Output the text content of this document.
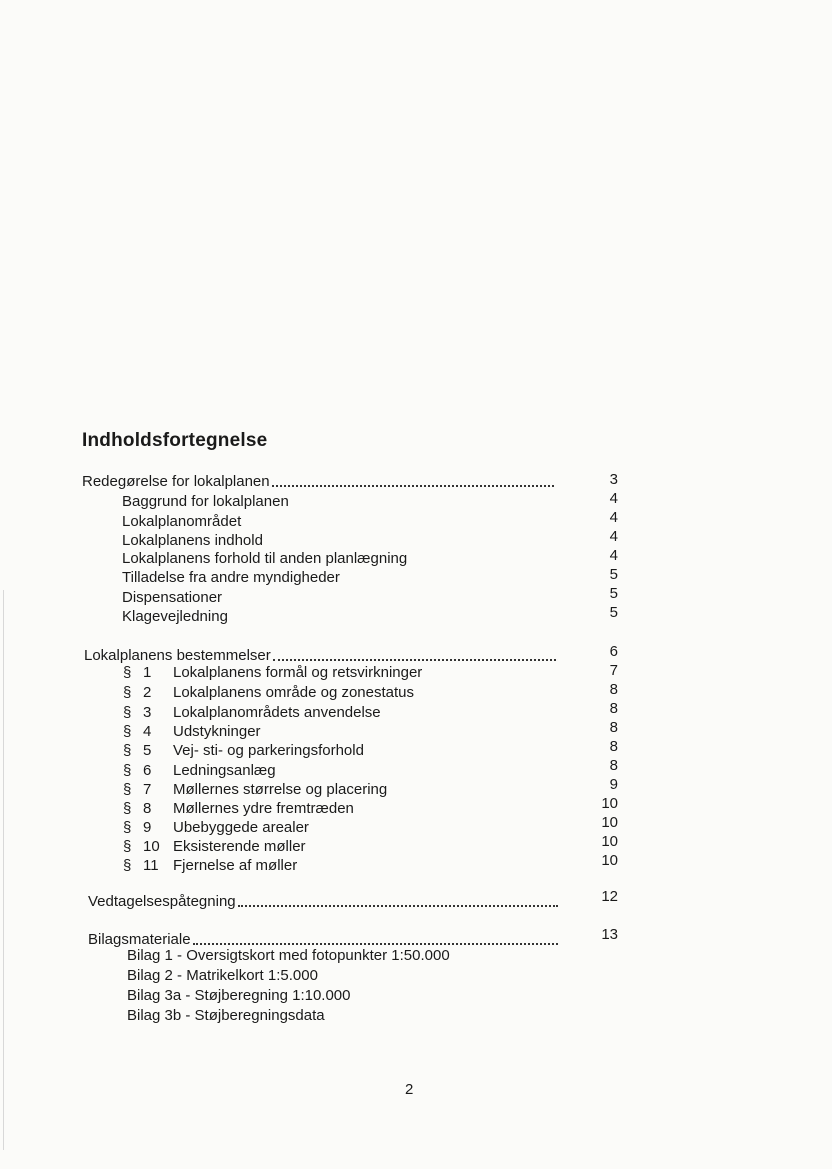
Indholdsfortegnelse
Redegørelse for lokalplanen	3
Baggrund for lokalplanen	4
Lokalplanområdet	4
Lokalplanens indhold	4
Lokalplanens forhold til anden planlægning	4
Tilladelse fra andre myndigheder	5
Dispensationer	5
Klagevejledning	5
Lokalplanens bestemmelser	6
§ 1 Lokalplanens formål og retsvirkninger	7
§ 2 Lokalplanens område og zonestatus	8
§ 3 Lokalplanområdets anvendelse	8
§ 4 Udstykninger	8
§ 5 Vej- sti- og parkeringsforhold	8
§ 6 Ledningsanlæg	8
§ 7 Møllernes størrelse og placering	9
§ 8 Møllernes ydre fremtræden	10
§ 9 Ubebyggede arealer	10
§ 10 Eksisterende møller	10
§ 11 Fjernelse af møller	10
Vedtagelsespåtegning	12
Bilagsmateriale	13
Bilag 1 - Oversigtskort med fotopunkter 1:50.000
Bilag 2 - Matrikelkort 1:5.000
Bilag 3a - Støjberegning 1:10.000
Bilag 3b - Støjberegningsdata
2
